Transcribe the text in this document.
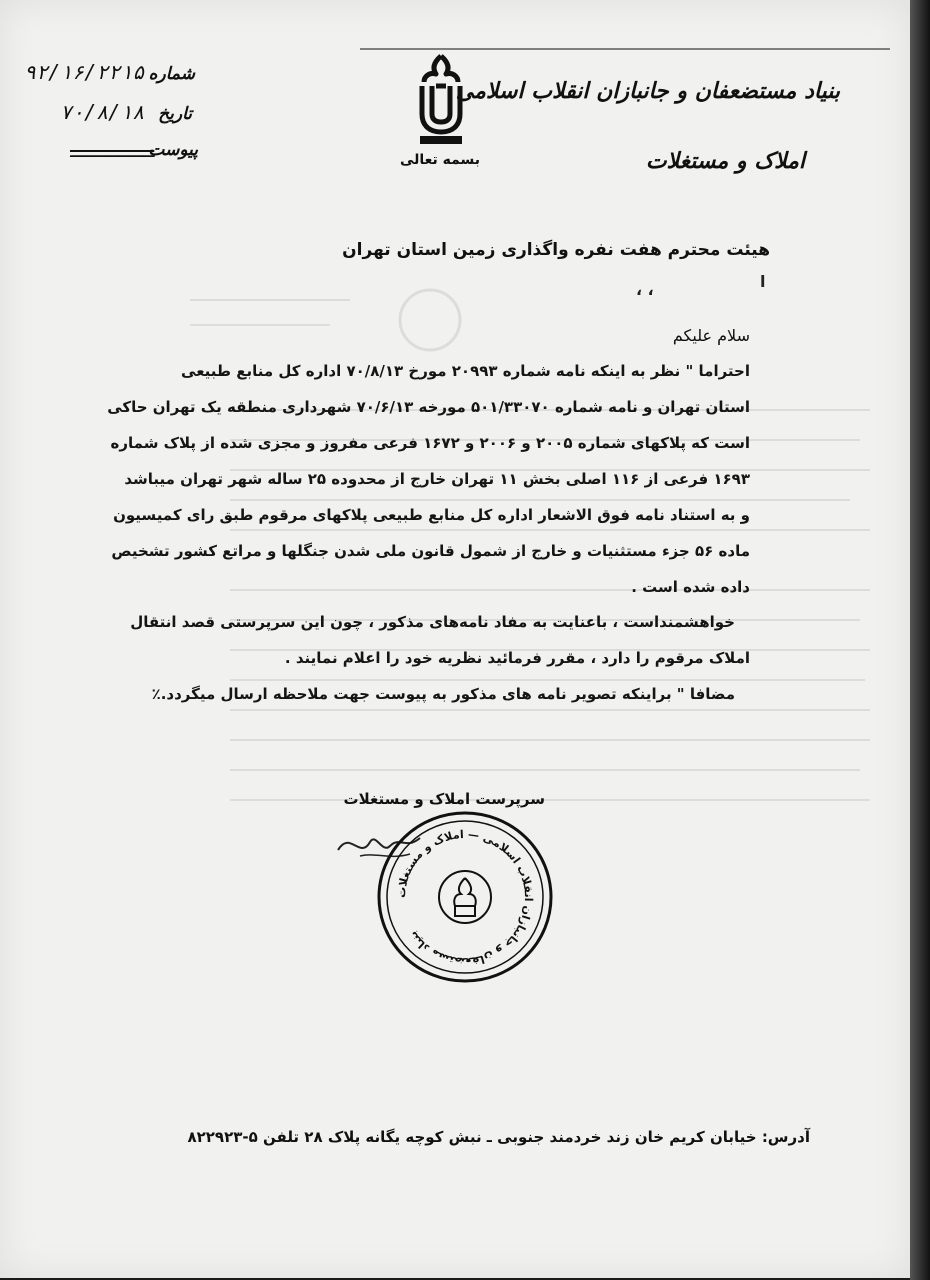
بنیاد مستضعفان و جانبازان انقلاب اسلامی
املاک و مستغلات
بسمه تعالی
شماره
۹۲/۱۶/۲۲۱۵
تاریخ
۷۰/۸/۱۸
پیوست
ـــــــ
هیئت محترم هفت نفره واگذاری زمین استان تهران
ا
، ،
سلام علیکم
احتراما " نظر به اینکه نامه شماره ۲۰۹۹۳ مورخ ۷۰/۸/۱۳ اداره کل منابع طبیعی
استان تهران و نامه شماره ۵۰۱/۳۳۰۷۰ مورخه ۷۰/۶/۱۳ شهرداری منطقه یک تهران حاکی
است که پلاکهای شماره ۲۰۰۵ و ۲۰۰۶ و ۱۶۷۲ فرعی مفروز و مجزی شده از پلاک شماره
۱۶۹۳ فرعی از ۱۱۶ اصلی بخش ۱۱ تهران خارج از محدوده ۲۵ ساله شهر تهران میباشد
و به استناد نامه فوق الاشعار اداره کل منابع طبیعی پلاکهای مرقوم طبق رای کمیسیون
ماده ۵۶ جزء مستثنیات و خارج از شمول قانون ملی شدن جنگلها و مراتع کشور تشخیص
داده شده است .
خواهشمنداست ، باعنایت به مفاد نامه‌های مذکور ، چون این سرپرستی قصد انتقال
املاک مرقوم را دارد ، مقرر فرمائید نظریه خود را اعلام نمایند .
مضافا " براینکه تصویر نامه های مذکور به پیوست جهت ملاحظه ارسال میگردد.٪
سرپرست املاک و مستغلات
بنیاد مستضعفان و جانبازان انقلاب اسلامی — املاک و مستغلات
آدرس: خیابان کریم خان زند خردمند جنوبی ـ نبش کوچه یگانه پلاک ۲۸ تلفن ۵-۸۲۲۹۲۳
